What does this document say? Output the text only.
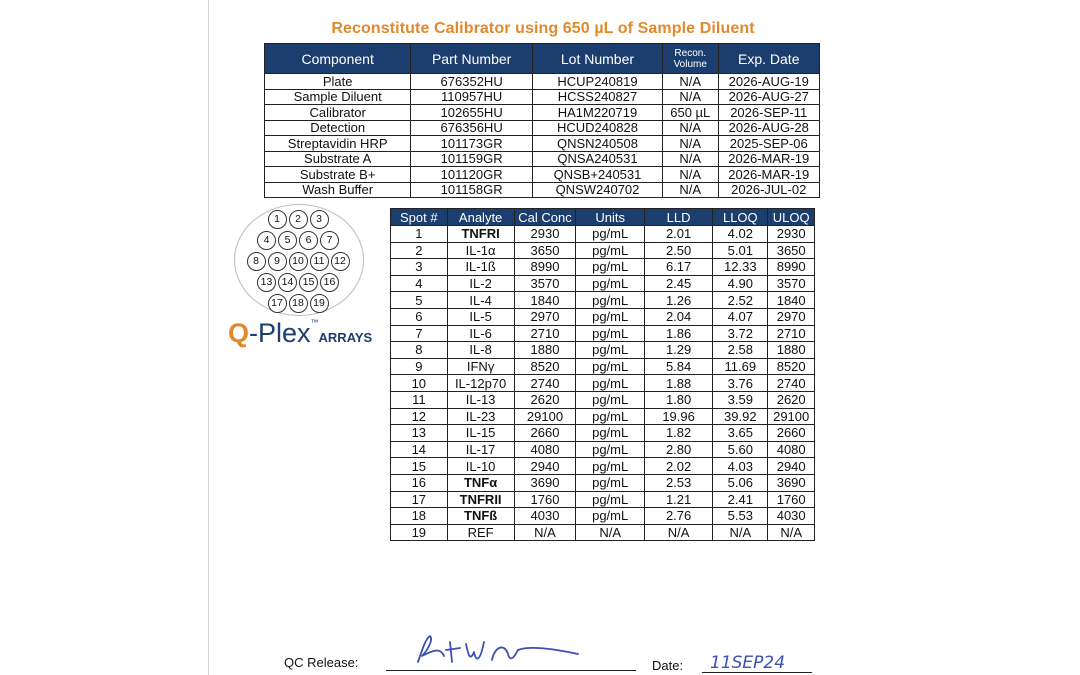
Reconstitute Calibrator using 650 µL of Sample Diluent
Component	Part Number	Lot Number	Recon. Volume	Exp. Date
Plate	676352HU	HCUP240819	N/A	2026-AUG-19
Sample Diluent	110957HU	HCSS240827	N/A	2026-AUG-27
Calibrator	102655HU	HA1M220719	650 µL	2026-SEP-11
Detection	676356HU	HCUD240828	N/A	2026-AUG-28
Streptavidin HRP	101173GR	QNSN240508	N/A	2025-SEP-06
Substrate A	101159GR	QNSA240531	N/A	2026-MAR-19
Substrate B+	101120GR	QNSB+240531	N/A	2026-MAR-19
Wash Buffer	101158GR	QNSW240702	N/A	2026-JUL-02
1	2	3
4	5	6	7
8	9	10 11 12
13 14 15 16
17 18 19
Q-Plex™ARRAYS
Spot #	Analyte	Cal Conc	Units	LLD	LLOQ	ULOQ
1	TNFRI	2930	pg/mL	2.01	4.02	2930
2	IL-1α	3650	pg/mL	2.50	5.01	3650
3	IL-1ß	8990	pg/mL	6.17	12.33	8990
4	IL-2	3570	pg/mL	2.45	4.90	3570
5	IL-4	1840	pg/mL	1.26	2.52	1840
6	IL-5	2970	pg/mL	2.04	4.07	2970
7	IL-6	2710	pg/mL	1.86	3.72	2710
8	IL-8	1880	pg/mL	1.29	2.58	1880
9	IFNγ	8520	pg/mL	5.84	11.69	8520
10	IL-12p70	2740	pg/mL	1.88	3.76	2740
11	IL-13	2620	pg/mL	1.80	3.59	2620
12	IL-23	29100	pg/mL	19.96	39.92	29100
13	IL-15	2660	pg/mL	1.82	3.65	2660
14	IL-17	4080	pg/mL	2.80	5.60	4080
15	IL-10	2940	pg/mL	2.02	4.03	2940
16	TNFα	3690	pg/mL	2.53	5.06	3690
17	TNFRII	1760	pg/mL	1.21	2.41	1760
18	TNFß	4030	pg/mL	2.76	5.53	4030
19	REF	N/A	N/A	N/A	N/A	N/A
QC Release:	Date: 11SEP24
